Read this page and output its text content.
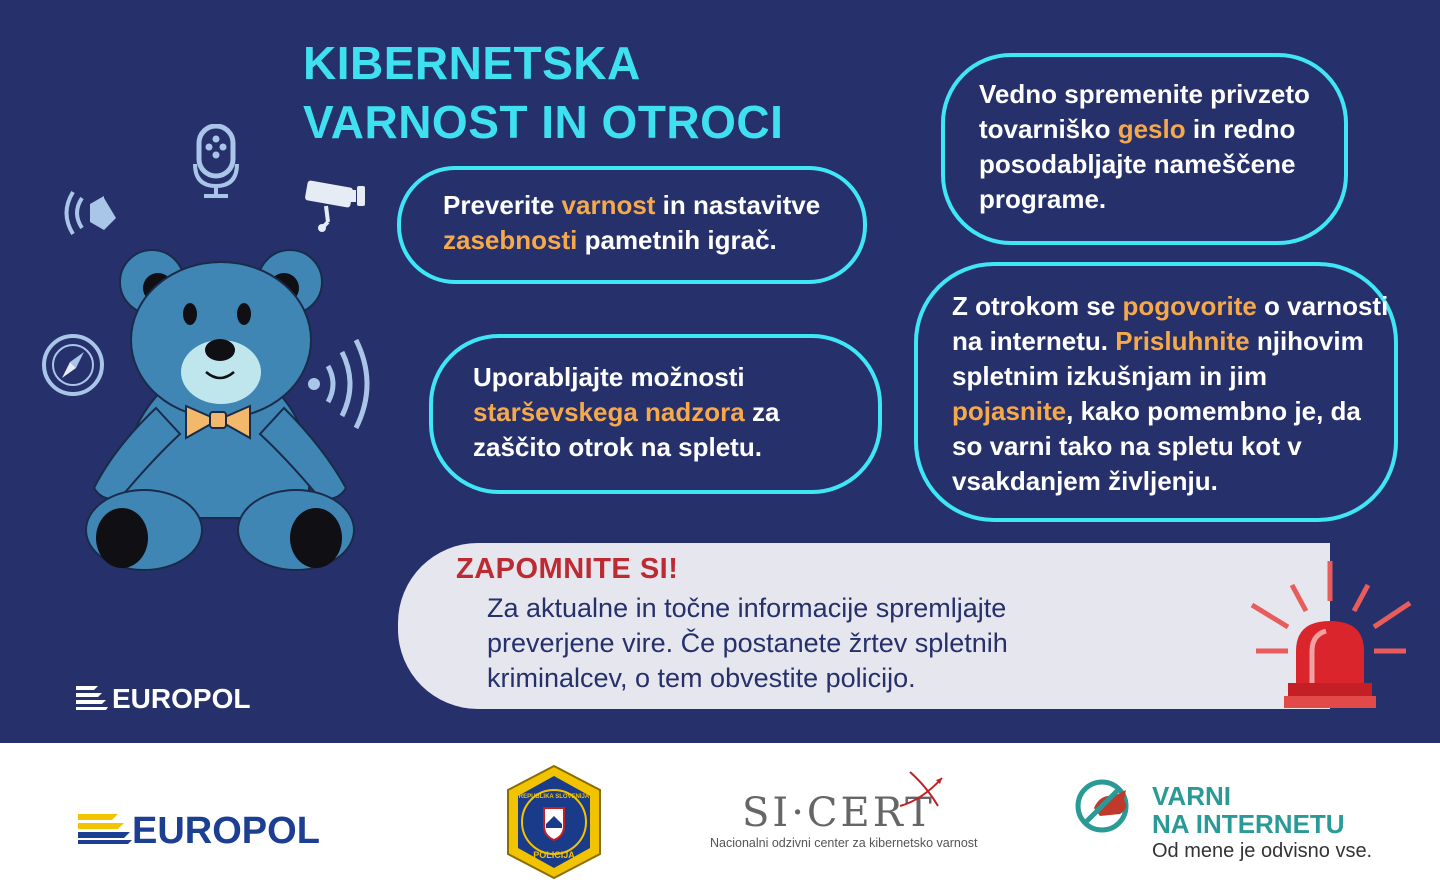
KIBERNETSKA
VARNOST IN OTROCI
Preverite varnost in nastavitve zasebnosti pametnih igrač.
Uporabljajte možnosti starševskega nadzora za zaščito otrok na spletu.
Vedno spremenite privzeto tovarniško geslo in redno posodabljajte nameščene programe.
Z otrokom se pogovorite o varnosti na internetu. Prisluhnite njihovim spletnim izkušnjam in jim pojasnite, kako pomembno je, da so varni tako na spletu kot v vsakdanjem življenju.
ZAPOMNITE SI!
Za aktualne in točne informacije spremljajte preverjene vire. Če postanete žrtev spletnih kriminalcev, o tem obvestite policijo.
EUROPOL
EUROPOL
REPUBLIKA SLOVENIJA
POLICIJA
SI·CERT
Nacionalni odzivni center za kibernetsko varnost
VARNI
NA INTERNETU
Od mene je odvisno vse.
